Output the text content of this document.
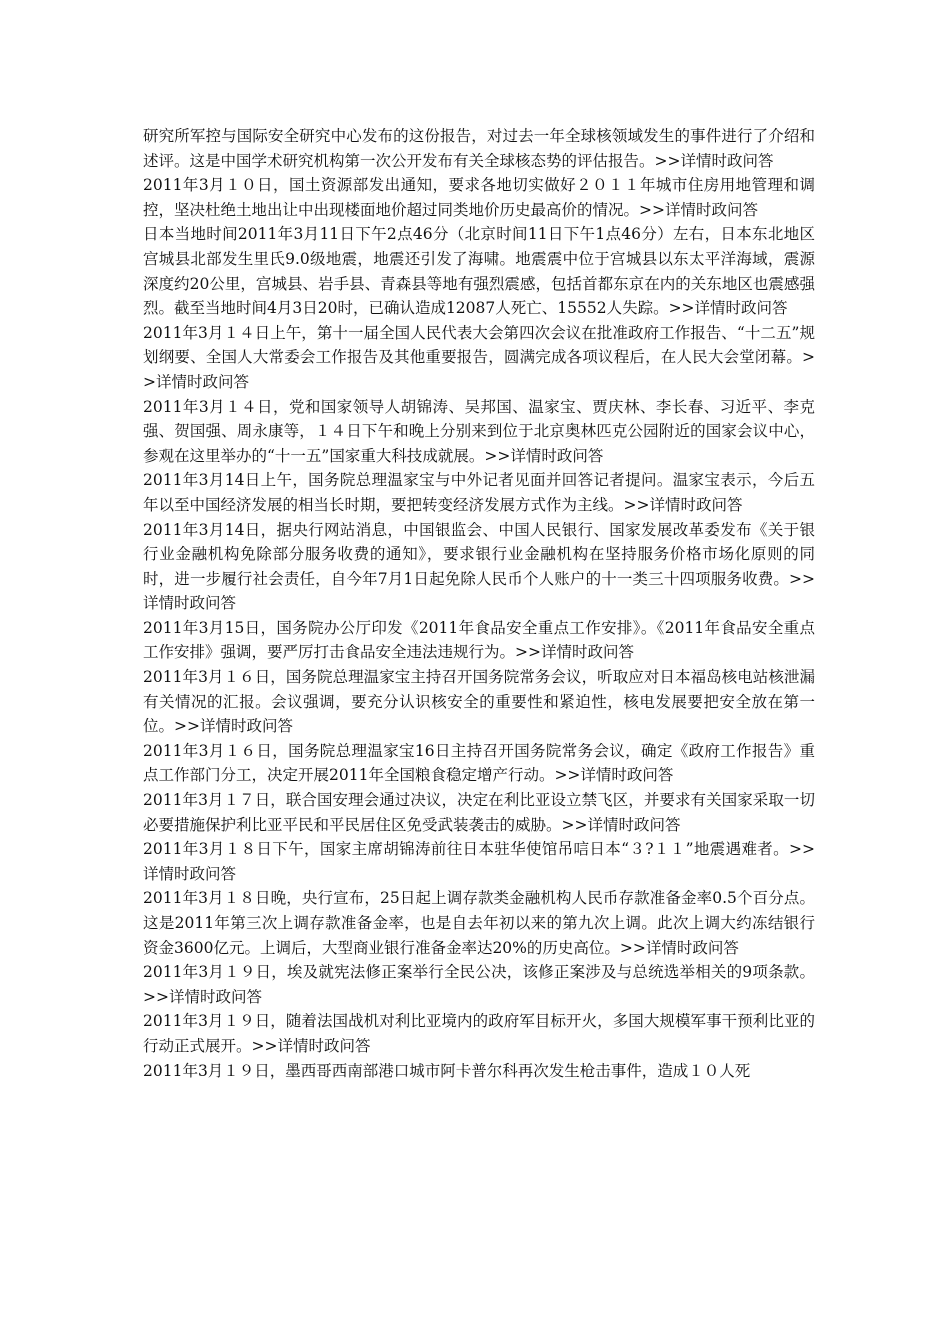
研究所军控与国际安全研究中心发布的这份报告，对过去一年全球核领域发生的事件进行了介绍和述评。这是中国学术研究机构第一次公开发布有关全球核态势的评估报告。>>详情时政问答

2011年3月１０日，国土资源部发出通知，要求各地切实做好２０１１年城市住房用地管理和调控，坚决杜绝土地出让中出现楼面地价超过同类地价历史最高价的情况。>>详情时政问答

日本当地时间2011年3月11日下午2点46分（北京时间11日下午1点46分）左右，日本东北地区宫城县北部发生里氏9.0级地震，地震还引发了海啸。地震震中位于宫城县以东太平洋海域，震源深度约20公里，宫城县、岩手县、青森县等地有强烈震感，包括首都东京在内的关东地区也震感强烈。截至当地时间4月3日20时，已确认造成12087人死亡、15552人失踪。>>详情时政问答

2011年3月１４日上午，第十一届全国人民代表大会第四次会议在批准政府工作报告、“十二五”规划纲要、全国人大常委会工作报告及其他重要报告，圆满完成各项议程后，在人民大会堂闭幕。>>详情时政问答

2011年3月１４日，党和国家领导人胡锦涛、吴邦国、温家宝、贾庆林、李长春、习近平、李克强、贺国强、周永康等，１４日下午和晚上分别来到位于北京奥林匹克公园附近的国家会议中心，参观在这里举办的“十一五”国家重大科技成就展。>>详情时政问答

2011年3月14日上午，国务院总理温家宝与中外记者见面并回答记者提问。温家宝表示，今后五年以至中国经济发展的相当长时期，要把转变经济发展方式作为主线。>>详情时政问答

2011年3月14日，据央行网站消息，中国银监会、中国人民银行、国家发展改革委发布《关于银行业金融机构免除部分服务收费的通知》，要求银行业金融机构在坚持服务价格市场化原则的同时，进一步履行社会责任，自今年7月1日起免除人民币个人账户的十一类三十四项服务收费。>>详情时政问答

2011年3月15日，国务院办公厅印发《2011年食品安全重点工作安排》。《2011年食品安全重点工作安排》强调，要严厉打击食品安全违法违规行为。>>详情时政问答

2011年3月１６日，国务院总理温家宝主持召开国务院常务会议，听取应对日本福岛核电站核泄漏有关情况的汇报。会议强调，要充分认识核安全的重要性和紧迫性，核电发展要把安全放在第一位。>>详情时政问答

2011年3月１６日，国务院总理温家宝16日主持召开国务院常务会议，确定《政府工作报告》重点工作部门分工，决定开展2011年全国粮食稳定增产行动。>>详情时政问答

2011年3月１７日，联合国安理会通过决议，决定在利比亚设立禁飞区，并要求有关国家采取一切必要措施保护利比亚平民和平民居住区免受武装袭击的威胁。>>详情时政问答

2011年3月１８日下午，国家主席胡锦涛前往日本驻华使馆吊唁日本“３?１１”地震遇难者。>>详情时政问答

2011年3月１８日晚，央行宣布，25日起上调存款类金融机构人民币存款准备金率0.5个百分点。这是2011年第三次上调存款准备金率，也是自去年初以来的第九次上调。此次上调大约冻结银行资金3600亿元。上调后，大型商业银行准备金率达20%的历史高位。>>详情时政问答

2011年3月１９日，埃及就宪法修正案举行全民公决，该修正案涉及与总统选举相关的9项条款。>>详情时政问答

2011年3月１９日，随着法国战机对利比亚境内的政府军目标开火，多国大规模军事干预利比亚的行动正式展开。>>详情时政问答

2011年3月１９日，墨西哥西南部港口城市阿卡普尔科再次发生枪击事件，造成１０人死
